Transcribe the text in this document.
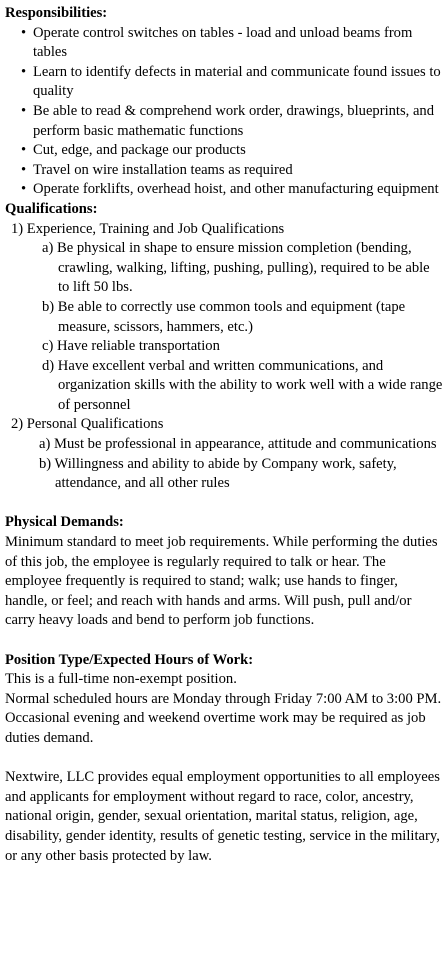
Responsibilities:
• Operate control switches on tables - load and unload beams from tables
• Learn to identify defects in material and communicate found issues to quality
• Be able to read & comprehend work order, drawings, blueprints, and perform basic mathematic functions
• Cut, edge, and package our products
• Travel on wire installation teams as required
• Operate forklifts, overhead hoist, and other manufacturing equipment
Qualifications:
1) Experience, Training and Job Qualifications
a) Be physical in shape to ensure mission completion (bending, crawling, walking, lifting, pushing, pulling), required to be able to lift 50 lbs.
b) Be able to correctly use common tools and equipment (tape measure, scissors, hammers, etc.)
c) Have reliable transportation
d) Have excellent verbal and written communications, and organization skills with the ability to work well with a wide range of personnel
2) Personal Qualifications
a) Must be professional in appearance, attitude and communications
b) Willingness and ability to abide by Company work, safety, attendance, and all other rules
Physical Demands:

Minimum standard to meet job requirements. While performing the duties of this job, the employee is regularly required to talk or hear. The employee frequently is required to stand; walk; use hands to finger, handle, or feel; and reach with hands and arms. Will push, pull and/or carry heavy loads and bend to perform job functions.

Position Type/Expected Hours of Work:

This is a full-time non-exempt position.

Normal scheduled hours are Monday through Friday 7:00 AM to 3:00 PM.

Occasional evening and weekend overtime work may be required as job duties demand.

Nextwire, LLC provides equal employment opportunities to all employees and applicants for employment without regard to race, color, ancestry, national origin, gender, sexual orientation, marital status, religion, age, disability, gender identity, results of genetic testing, service in the military, or any other basis protected by law.
